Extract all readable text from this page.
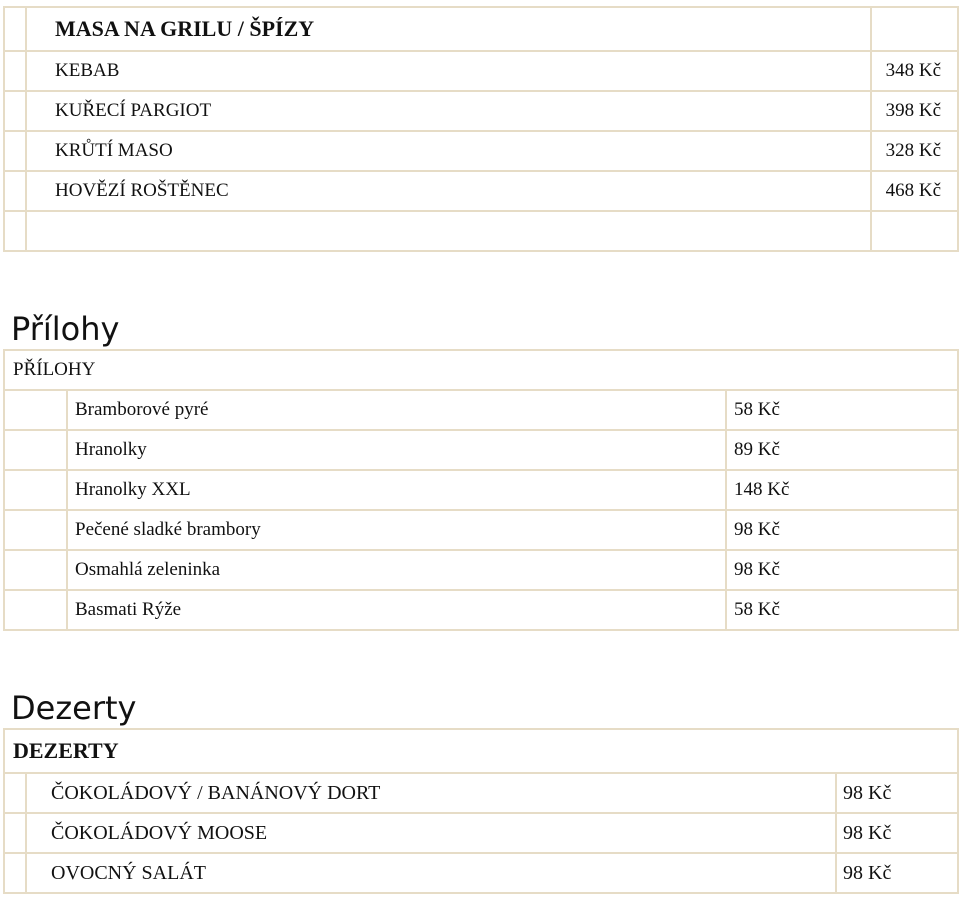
	MASA NA GRILU / ŠPÍZY	
	KEBAB	348 Kč
	KUŘECÍ PARGIOT	398 Kč
	KRŮTÍ MASO	328 Kč
	HOVĚZÍ ROŠTĚNEC	468 Kč

Přílohy
PŘÍLOHY		
	Bramborové pyré	58 Kč
	Hranolky	89 Kč
	Hranolky XXL	148 Kč
	Pečené sladké brambory	98 Kč
	Osmahlá zeleninka	98 Kč
	Basmati Rýže	58 Kč
Dezerty
DEZERTY		
	ČOKOLÁDOVÝ / BANÁNOVÝ DORT	98 Kč
	ČOKOLÁDOVÝ MOOSE	98 Kč
	OVOCNÝ SALÁT	98 Kč
